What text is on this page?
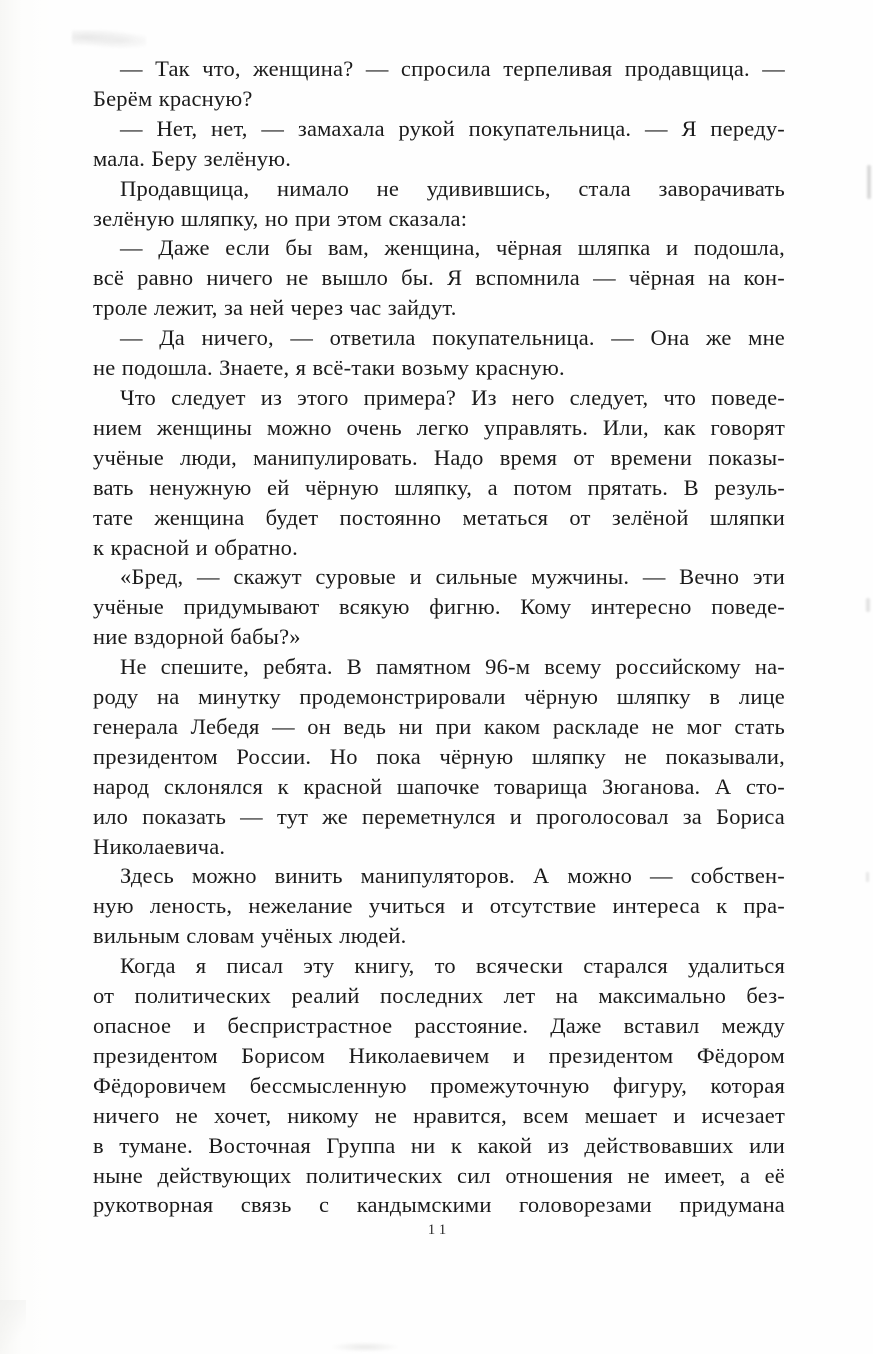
— Так что, женщина? — спросила терпеливая продавщица. —
Берём красную?
— Нет, нет, — замахала рукой покупательница. — Я переду-
мала. Беру зелёную.
Продавщица, нимало не удивившись, стала заворачивать
зелёную шляпку, но при этом сказала:
— Даже если бы вам, женщина, чёрная шляпка и подошла,
всё равно ничего не вышло бы. Я вспомнила — чёрная на кон-
троле лежит, за ней через час зайдут.
— Да ничего, — ответила покупательница. — Она же мне
не подошла. Знаете, я всё-таки возьму красную.
Что следует из этого примера? Из него следует, что поведе-
нием женщины можно очень легко управлять. Или, как говорят
учёные люди, манипулировать. Надо время от времени показы-
вать ненужную ей чёрную шляпку, а потом прятать. В резуль-
тате женщина будет постоянно метаться от зелёной шляпки
к красной и обратно.
«Бред, — скажут суровые и сильные мужчины. — Вечно эти
учёные придумывают всякую фигню. Кому интересно поведе-
ние вздорной бабы?»
Не спешите, ребята. В памятном 96-м всему российскому на-
роду на минутку продемонстрировали чёрную шляпку в лице
генерала Лебедя — он ведь ни при каком раскладе не мог стать
президентом России. Но пока чёрную шляпку не показывали,
народ склонялся к красной шапочке товарища Зюганова. А сто-
ило показать — тут же переметнулся и проголосовал за Бориса
Николаевича.
Здесь можно винить манипуляторов. А можно — собствен-
ную леность, нежелание учиться и отсутствие интереса к пра-
вильным словам учёных людей.
Когда я писал эту книгу, то всячески старался удалиться
от политических реалий последних лет на максимально без-
опасное и беспристрастное расстояние. Даже вставил между
президентом Борисом Николаевичем и президентом Фёдором
Фёдоровичем бессмысленную промежуточную фигуру, которая
ничего не хочет, никому не нравится, всем мешает и исчезает
в тумане. Восточная Группа ни к какой из действовавших или
ныне действующих политических сил отношения не имеет, а её
рукотворная связь с кандымскими головорезами придумана
11
